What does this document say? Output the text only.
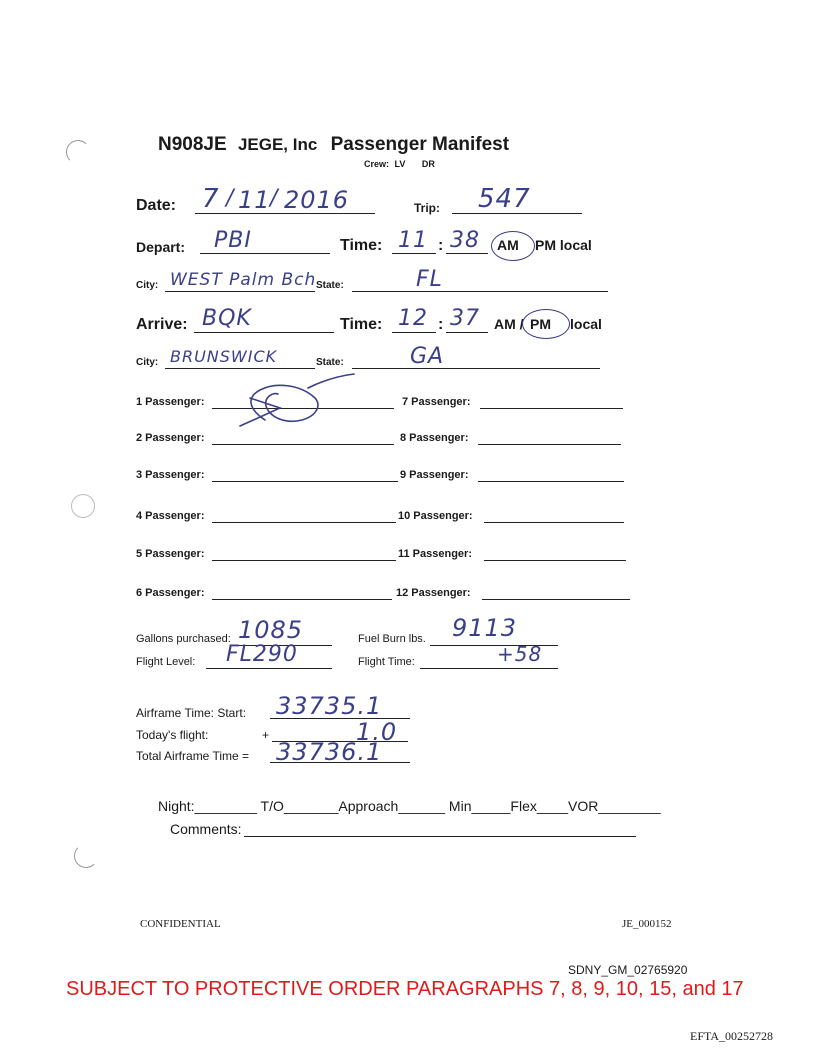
N908JE JEGE, Inc Passenger Manifest
Crew: LV DR
Date: 7 / 11 / 2016	Trip: 547
Depart: PBI	Time: 11 : 38 AM PM local
City: WEST Palm Bch State:	FL
Arrive: BQK	Time: 12 : 37 AM / PM local
City: BRUNSWICK	State:	GA
1 Passenger:	7 Passenger:
2 Passenger:	8 Passenger:
3 Passenger:	9 Passenger:
4 Passenger:	10 Passenger:
5 Passenger:	11 Passenger:
6 Passenger:	12 Passenger:
Gallons purchased: 1085	Fuel Burn lbs. 9113
Flight Level: FL290	Flight Time:	+58
Airframe Time: Start: 33735.1
Today's flight:	+	1.0
Total Airframe Time = 33736.1
Night:________ T/O_______Approach______ Min_____Flex____VOR________
Comments:
CONFIDENTIAL	JE_000152
SDNY_GM_02765920
SUBJECT TO PROTECTIVE ORDER PARAGRAPHS 7, 8, 9, 10, 15, and 17
EFTA_00252728
